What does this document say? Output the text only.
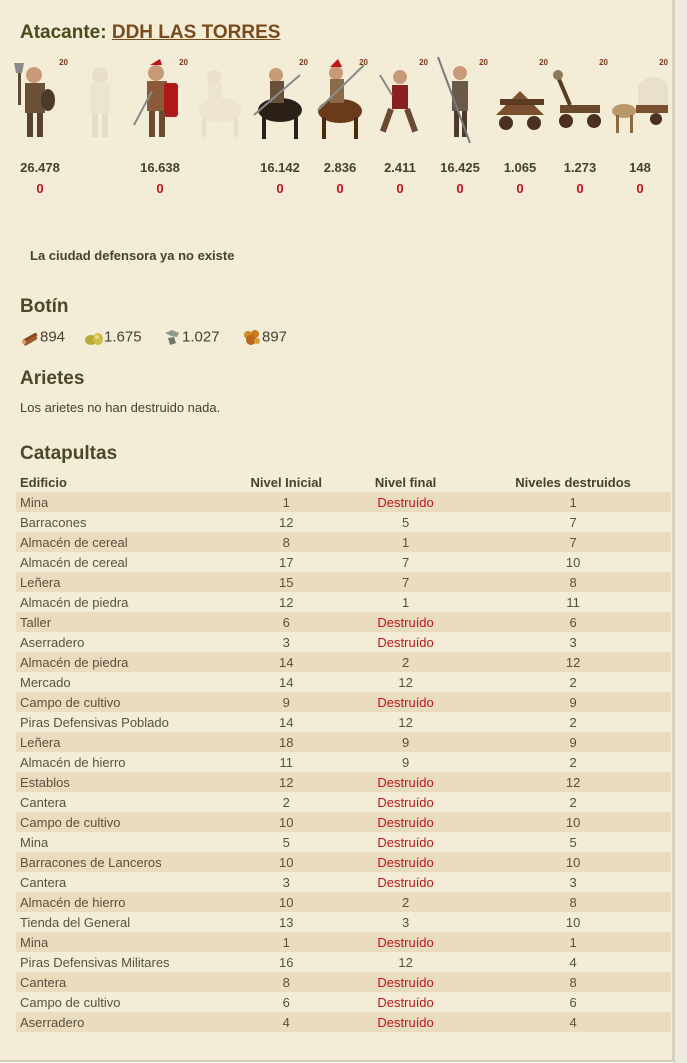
Atacante: DDH LAS TORRES
20	20	20	20	20	20	20	20	20
26.478	16.638	16.142	2.836	2.411	16.425	1.065	1.273	148
0	0	0	0	0	0	0	0	0
La ciudad defensora ya no existe
Botín
894	1.675	1.027	897
Arietes
Los arietes no han destruido nada.
Catapultas
Edificio	Nivel Inicial	Nivel final	Niveles destruidos
Mina	1	Destruído	1
Barracones	12	5	7
Almacén de cereal	8	1	7
Almacén de cereal	17	7	10
Leñera	15	7	8
Almacén de piedra	12	1	11
Taller	6	Destruído	6
Aserradero	3	Destruído	3
Almacén de piedra	14	2	12
Mercado	14	12	2
Campo de cultivo	9	Destruído	9
Piras Defensivas Poblado	14	12	2
Leñera	18	9	9
Almacén de hierro	11	9	2
Establos	12	Destruído	12
Cantera	2	Destruído	2
Campo de cultivo	10	Destruído	10
Mina	5	Destruído	5
Barracones de Lanceros	10	Destruído	10
Cantera	3	Destruído	3
Almacén de hierro	10	2	8
Tienda del General	13	3	10
Mina	1	Destruído	1
Piras Defensivas Militares	16	12	4
Cantera	8	Destruído	8
Campo de cultivo	6	Destruído	6
Aserradero	4	Destruído	4
